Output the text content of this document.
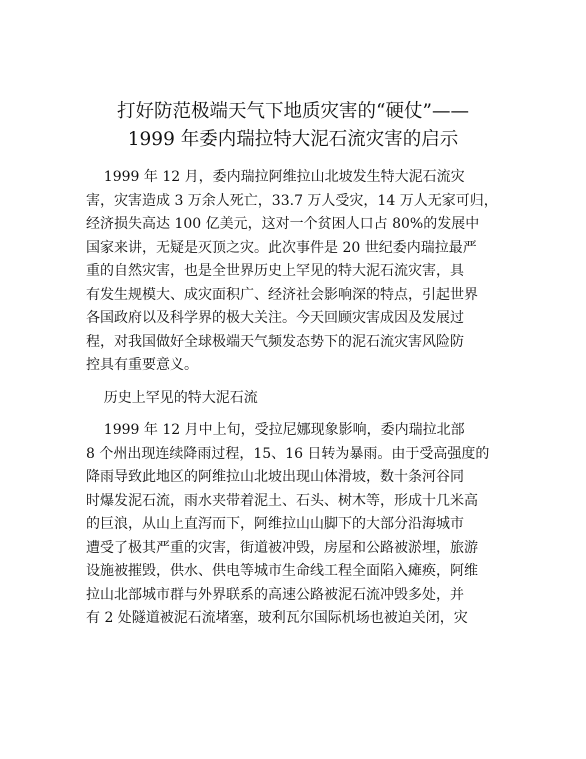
打好防范极端天气下地质灾害的“硬仗”——
1999 年委内瑞拉特大泥石流灾害的启示

1999 年 12 月，委内瑞拉阿维拉山北坡发生特大泥石流灾
害，灾害造成 3 万余人死亡，33.7 万人受灾，14 万人无家可归，
经济损失高达 100 亿美元，这对一个贫困人口占 80%的发展中
国家来讲，无疑是灭顶之灾。此次事件是 20 世纪委内瑞拉最严
重的自然灾害，也是全世界历史上罕见的特大泥石流灾害，具
有发生规模大、成灾面积广、经济社会影响深的特点，引起世界
各国政府以及科学界的极大关注。今天回顾灾害成因及发展过
程，对我国做好全球极端天气频发态势下的泥石流灾害风险防
控具有重要意义。

历史上罕见的特大泥石流

1999 年 12 月中上旬，受拉尼娜现象影响，委内瑞拉北部
8 个州出现连续降雨过程，15、16 日转为暴雨。由于受高强度的
降雨导致此地区的阿维拉山北坡出现山体滑坡，数十条河谷同
时爆发泥石流，雨水夹带着泥土、石头、树木等，形成十几米高
的巨浪，从山上直泻而下，阿维拉山山脚下的大部分沿海城市
遭受了极其严重的灾害，街道被冲毁，房屋和公路被淤埋，旅游
设施被摧毁，供水、供电等城市生命线工程全面陷入瘫痪，阿维
拉山北部城市群与外界联系的高速公路被泥石流冲毁多处，并
有 2 处隧道被泥石流堵塞，玻利瓦尔国际机场也被迫关闭，灾
